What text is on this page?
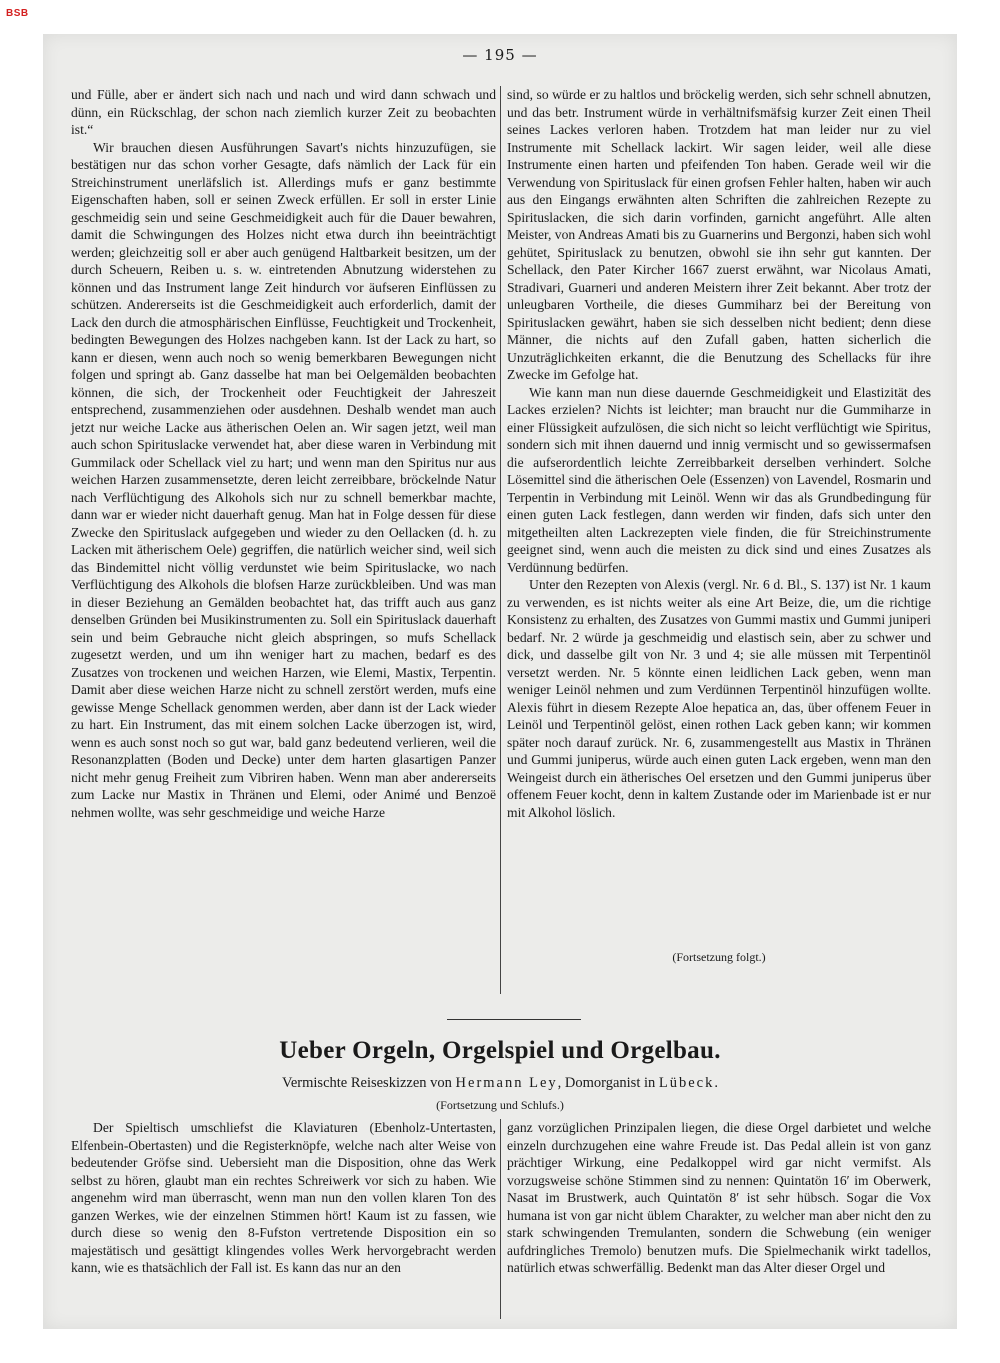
BSB
— 195 —

und Fülle, aber er ändert sich nach und nach und wird dann schwach und dünn, ein Rückschlag, der schon nach ziemlich kurzer Zeit zu beobachten ist.“

Wir brauchen diesen Ausführungen Savart's nichts hinzuzufügen, sie bestätigen nur das schon vorher Gesagte, dafs nämlich der Lack für ein Streichinstrument unerläfslich ist. Allerdings mufs er ganz bestimmte Eigenschaften haben, soll er seinen Zweck erfüllen. Er soll in erster Linie geschmeidig sein und seine Geschmeidigkeit auch für die Dauer bewahren, damit die Schwingungen des Holzes nicht etwa durch ihn beeinträchtigt werden; gleichzeitig soll er aber auch genügend Haltbarkeit besitzen, um der durch Scheuern, Reiben u. s. w. eintretenden Abnutzung widerstehen zu können und das Instrument lange Zeit hindurch vor äufseren Einflüssen zu schützen. Andererseits ist die Geschmeidigkeit auch erforderlich, damit der Lack den durch die atmosphärischen Einflüsse, Feuchtigkeit und Trockenheit, bedingten Bewegungen des Holzes nachgeben kann. Ist der Lack zu hart, so kann er diesen, wenn auch noch so wenig bemerkbaren Bewegungen nicht folgen und springt ab. Ganz dasselbe hat man bei Oelgemälden beobachten können, die sich, der Trockenheit oder Feuchtigkeit der Jahreszeit entsprechend, zusammenziehen oder ausdehnen. Deshalb wendet man auch jetzt nur weiche Lacke aus ätherischen Oelen an. Wir sagen jetzt, weil man auch schon Spirituslacke verwendet hat, aber diese waren in Verbindung mit Gummilack oder Schellack viel zu hart; und wenn man den Spiritus nur aus weichen Harzen zusammensetzte, deren leicht zerreibbare, bröckelnde Natur nach Verflüchtigung des Alkohols sich nur zu schnell bemerkbar machte, dann war er wieder nicht dauerhaft genug. Man hat in Folge dessen für diese Zwecke den Spirituslack aufgegeben und wieder zu den Oellacken (d. h. zu Lacken mit ätherischem Oele) gegriffen, die natürlich weicher sind, weil sich das Bindemittel nicht völlig verdunstet wie beim Spirituslacke, wo nach Verflüchtigung des Alkohols die blofsen Harze zurückbleiben. Und was man in dieser Beziehung an Gemälden beobachtet hat, das trifft auch aus ganz denselben Gründen bei Musikinstrumenten zu. Soll ein Spirituslack dauerhaft sein und beim Gebrauche nicht gleich abspringen, so mufs Schellack zugesetzt werden, und um ihn weniger hart zu machen, bedarf es des Zusatzes von trockenen und weichen Harzen, wie Elemi, Mastix, Terpentin. Damit aber diese weichen Harze nicht zu schnell zerstört werden, mufs eine gewisse Menge Schellack genommen werden, aber dann ist der Lack wieder zu hart. Ein Instrument, das mit einem solchen Lacke überzogen ist, wird, wenn es auch sonst noch so gut war, bald ganz bedeutend verlieren, weil die Resonanzplatten (Boden und Decke) unter dem harten glasartigen Panzer nicht mehr genug Freiheit zum Vibriren haben. Wenn man aber andererseits zum Lacke nur Mastix in Thränen und Elemi, oder Animé und Benzoë nehmen wollte, was sehr geschmeidige und weiche Harze

sind, so würde er zu haltlos und bröckelig werden, sich sehr schnell abnutzen, und das betr. Instrument würde in verhältnifsmäfsig kurzer Zeit einen Theil seines Lackes verloren haben. Trotzdem hat man leider nur zu viel Instrumente mit Schellack lackirt. Wir sagen leider, weil alle diese Instrumente einen harten und pfeifenden Ton haben. Gerade weil wir die Verwendung von Spirituslack für einen grofsen Fehler halten, haben wir auch aus den Eingangs erwähnten alten Schriften die zahlreichen Rezepte zu Spirituslacken, die sich darin vorfinden, garnicht angeführt. Alle alten Meister, von Andreas Amati bis zu Guarnerins und Bergonzi, haben sich wohl gehütet, Spirituslack zu benutzen, obwohl sie ihn sehr gut kannten. Der Schellack, den Pater Kircher 1667 zuerst erwähnt, war Nicolaus Amati, Stradivari, Guarneri und anderen Meistern ihrer Zeit bekannt. Aber trotz der unleugbaren Vortheile, die dieses Gummiharz bei der Bereitung von Spirituslacken gewährt, haben sie sich desselben nicht bedient; denn diese Männer, die nichts auf den Zufall gaben, hatten sicherlich die Unzuträglichkeiten erkannt, die die Benutzung des Schellacks für ihre Zwecke im Gefolge hat.

Wie kann man nun diese dauernde Geschmeidigkeit und Elastizität des Lackes erzielen? Nichts ist leichter; man braucht nur die Gummiharze in einer Flüssigkeit aufzulösen, die sich nicht so leicht verflüchtigt wie Spiritus, sondern sich mit ihnen dauernd und innig vermischt und so gewissermafsen die aufserordentlich leichte Zerreibbarkeit derselben verhindert. Solche Lösemittel sind die ätherischen Oele (Essenzen) von Lavendel, Rosmarin und Terpentin in Verbindung mit Leinöl. Wenn wir das als Grundbedingung für einen guten Lack festlegen, dann werden wir finden, dafs sich unter den mitgetheilten alten Lackrezepten viele finden, die für Streichinstrumente geeignet sind, wenn auch die meisten zu dick sind und eines Zusatzes als Verdünnung bedürfen.

Unter den Rezepten von Alexis (vergl. Nr. 6 d. Bl., S. 137) ist Nr. 1 kaum zu verwenden, es ist nichts weiter als eine Art Beize, die, um die richtige Konsistenz zu erhalten, des Zusatzes von Gummi mastix und Gummi juniperi bedarf. Nr. 2 würde ja geschmeidig und elastisch sein, aber zu schwer und dick, und dasselbe gilt von Nr. 3 und 4; sie alle müssen mit Terpentinöl versetzt werden. Nr. 5 könnte einen leidlichen Lack geben, wenn man weniger Leinöl nehmen und zum Verdünnen Terpentinöl hinzufügen wollte. Alexis führt in diesem Rezepte Aloe hepatica an, das, über offenem Feuer in Leinöl und Terpentinöl gelöst, einen rothen Lack geben kann; wir kommen später noch darauf zurück. Nr. 6, zusammengestellt aus Mastix in Thränen und Gummi juniperus, würde auch einen guten Lack ergeben, wenn man den Weingeist durch ein ätherisches Oel ersetzen und den Gummi juniperus über offenem Feuer kocht, denn in kaltem Zustande oder im Marienbade ist er nur mit Alkohol löslich.

(Fortsetzung folgt.)
Ueber Orgeln, Orgelspiel und Orgelbau.
Vermischte Reiseskizzen von Hermann Ley, Domorganist in Lübeck.
(Fortsetzung und Schlufs.)

Der Spieltisch umschliefst die Klaviaturen (Ebenholz-Untertasten, Elfenbein-Obertasten) und die Registerknöpfe, welche nach alter Weise von bedeutender Gröfse sind. Uebersieht man die Disposition, ohne das Werk selbst zu hören, glaubt man ein rechtes Schreiwerk vor sich zu haben. Wie angenehm wird man überrascht, wenn man nun den vollen klaren Ton des ganzen Werkes, wie der einzelnen Stimmen hört! Kaum ist zu fassen, wie durch diese so wenig den 8-Fufston vertretende Disposition ein so majestätisch und gesättigt klingendes volles Werk hervorgebracht werden kann, wie es thatsächlich der Fall ist. Es kann das nur an den

ganz vorzüglichen Prinzipalen liegen, die diese Orgel darbietet und welche einzeln durchzugehen eine wahre Freude ist. Das Pedal allein ist von ganz prächtiger Wirkung, eine Pedalkoppel wird gar nicht vermifst. Als vorzugsweise schöne Stimmen sind zu nennen: Quintatön 16′ im Oberwerk, Nasat im Brustwerk, auch Quintatön 8′ ist sehr hübsch. Sogar die Vox humana ist von gar nicht üblem Charakter, zu welcher man aber nicht den zu stark schwingenden Tremulanten, sondern die Schwebung (ein weniger aufdringliches Tremolo) benutzen mufs. Die Spielmechanik wirkt tadellos, natürlich etwas schwerfällig. Bedenkt man das Alter dieser Orgel und
